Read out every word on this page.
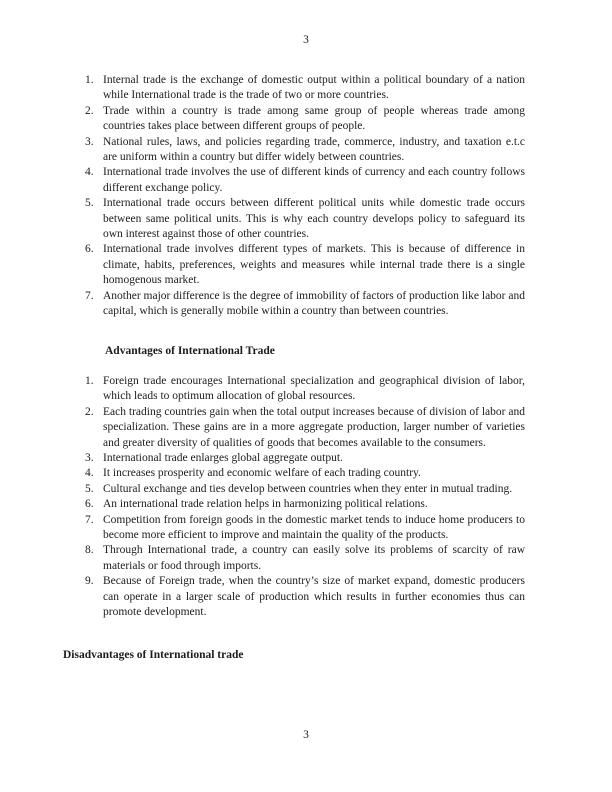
3
1. Internal trade is the exchange of domestic output within a political boundary of a nation while International trade is the trade of two or more countries.
2. Trade within a country is trade among same group of people whereas trade among countries takes place between different groups of people.
3. National rules, laws, and policies regarding trade, commerce, industry, and taxation e.t.c are uniform within a country but differ widely between countries.
4. International trade involves the use of different kinds of currency and each country follows different exchange policy.
5. International trade occurs between different political units while domestic trade occurs between same political units. This is why each country develops policy to safeguard its own interest against those of other countries.
6. International trade involves different types of markets. This is because of difference in climate, habits, preferences, weights and measures while internal trade there is a single homogenous market.
7. Another major difference is the degree of immobility of factors of production like labor and capital, which is generally mobile within a country than between countries.
Advantages of International Trade
1. Foreign trade encourages International specialization and geographical division of labor, which leads to optimum allocation of global resources.
2. Each trading countries gain when the total output increases because of division of labor and specialization. These gains are in a more aggregate production, larger number of varieties and greater diversity of qualities of goods that becomes available to the consumers.
3. International trade enlarges global aggregate output.
4. It increases prosperity and economic welfare of each trading country.
5. Cultural exchange and ties develop between countries when they enter in mutual trading.
6. An international trade relation helps in harmonizing political relations.
7. Competition from foreign goods in the domestic market tends to induce home producers to become more efficient to improve and maintain the quality of the products.
8. Through International trade, a country can easily solve its problems of scarcity of raw materials or food through imports.
9. Because of Foreign trade, when the country’s size of market expand, domestic producers can operate in a larger scale of production which results in further economies thus can promote development.
Disadvantages of International trade
3
